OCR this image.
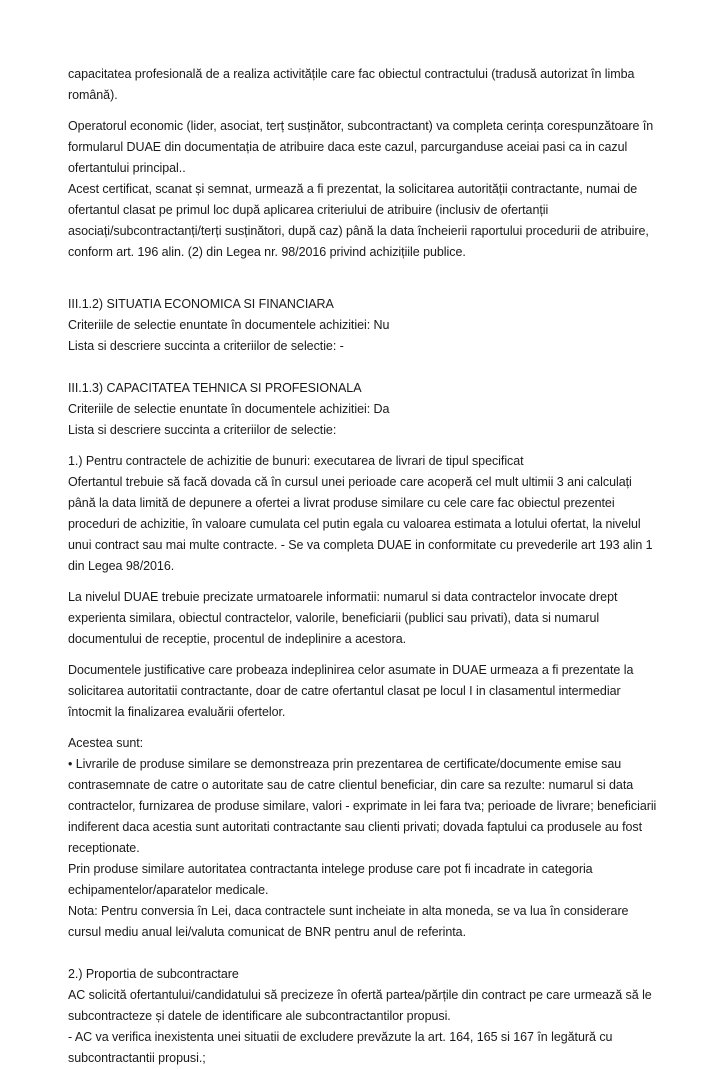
capacitatea profesională de a realiza activitățile care fac obiectul contractului (tradusă autorizat în limba română).

Operatorul economic (lider, asociat, terț susținător, subcontractant) va completa cerința corespunzătoare în formularul DUAE din documentația de atribuire daca este cazul, parcurganduse aceiai pasi ca in cazul ofertantului principal..

Acest certificat, scanat și semnat, urmează a fi prezentat, la solicitarea autorității contractante, numai de ofertantul clasat pe primul loc după aplicarea criteriului de atribuire (inclusiv de ofertanții asociați/subcontractanți/terți susținători, după caz) până la data încheierii raportului procedurii de atribuire, conform art. 196 alin. (2) din Legea nr. 98/2016 privind achizițiile publice.

III.1.2) SITUATIA ECONOMICA SI FINANCIARA
Criteriile de selectie enuntate în documentele achizitiei: Nu
Lista si descriere succinta a criteriilor de selectie: -
III.1.3) CAPACITATEA TEHNICA SI PROFESIONALA
Criteriile de selectie enuntate în documentele achizitiei: Da
Lista si descriere succinta a criteriilor de selectie:
1.) Pentru contractele de achizitie de bunuri: executarea de livrari de tipul specificat

Ofertantul trebuie să facă dovada că în cursul unei perioade care acoperă cel mult ultimii 3 ani calculați până la data limită de depunere a ofertei a livrat produse similare cu cele care fac obiectul prezentei proceduri de achizitie, în valoare cumulata cel putin egala cu valoarea estimata a lotului ofertat, la nivelul unui contract sau mai multe contracte. - Se va completa DUAE in conformitate cu prevederile art 193 alin 1 din Legea 98/2016.

La nivelul DUAE trebuie precizate urmatoarele informatii: numarul si data contractelor invocate drept experienta similara, obiectul contractelor, valorile, beneficiarii (publici sau privati), data si numarul documentului de receptie, procentul de indeplinire a acestora.

Documentele justificative care probeaza indeplinirea celor asumate in DUAE urmeaza a fi prezentate la solicitarea autoritatii contractante, doar de catre ofertantul clasat pe locul I in clasamentul intermediar întocmit la finalizarea evaluării ofertelor.

Acestea sunt:

• Livrarile de produse similare se demonstreaza prin prezentarea de certificate/documente emise sau contrasemnate de catre o autoritate sau de catre clientul beneficiar, din care sa rezulte: numarul si data contractelor, furnizarea de produse similare, valori - exprimate in lei fara tva; perioade de livrare; beneficiarii indiferent daca acestia sunt autoritati contractante sau clienti privati; dovada faptului ca produsele au fost receptionate.

Prin produse similare autoritatea contractanta intelege produse care pot fi incadrate in categoria echipamentelor/aparatelor medicale.

Nota: Pentru conversia în Lei, daca contractele sunt incheiate in alta moneda, se va lua în considerare cursul mediu anual lei/valuta comunicat de BNR pentru anul de referinta.

2.) Proportia de subcontractare

AC solicită ofertantului/candidatului să precizeze în ofertă partea/părțile din contract pe care urmează să le subcontracteze și datele de identificare ale subcontractantilor propusi.

- AC va verifica inexistenta unei situatii de excludere prevăzute la art. 164, 165 si 167 în legătură cu subcontractantii propusi.;
